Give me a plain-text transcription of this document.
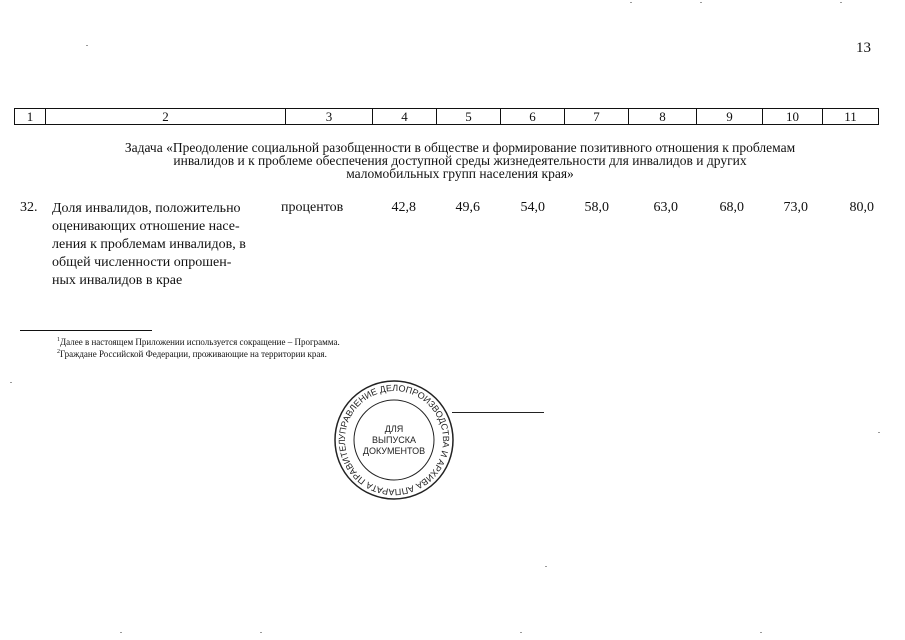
13
1	2	3	4	5	6	7	8	9	10	11
Задача «Преодоление социальной разобщенности в обществе и формирование позитивного отношения к проблемам
инвалидов и к проблеме обеспечения доступной среды жизнедеятельности для инвалидов и других
маломобильных групп населения края»
32. Доля инвалидов, положительно
оценивающих отношение насе-
ления к проблемам инвалидов, в
общей численности опрошен-
ных инвалидов в крае
процентов	42,8	49,6	54,0	58,0	63,0	68,0	73,0	80,0
$^1$Далее в настоящем Приложении используется сокращение – Программа.
$^2$Граждане Российской Федерации, проживающие на территории края.
УПРАВЛЕНИЕ ДЕЛОПРОИЗВОДСТВА И АРХИВА АППАРАТА ПРАВИТЕЛ
ДЛЯ
ВЫПУСКА
ДОКУМЕНТОВ
